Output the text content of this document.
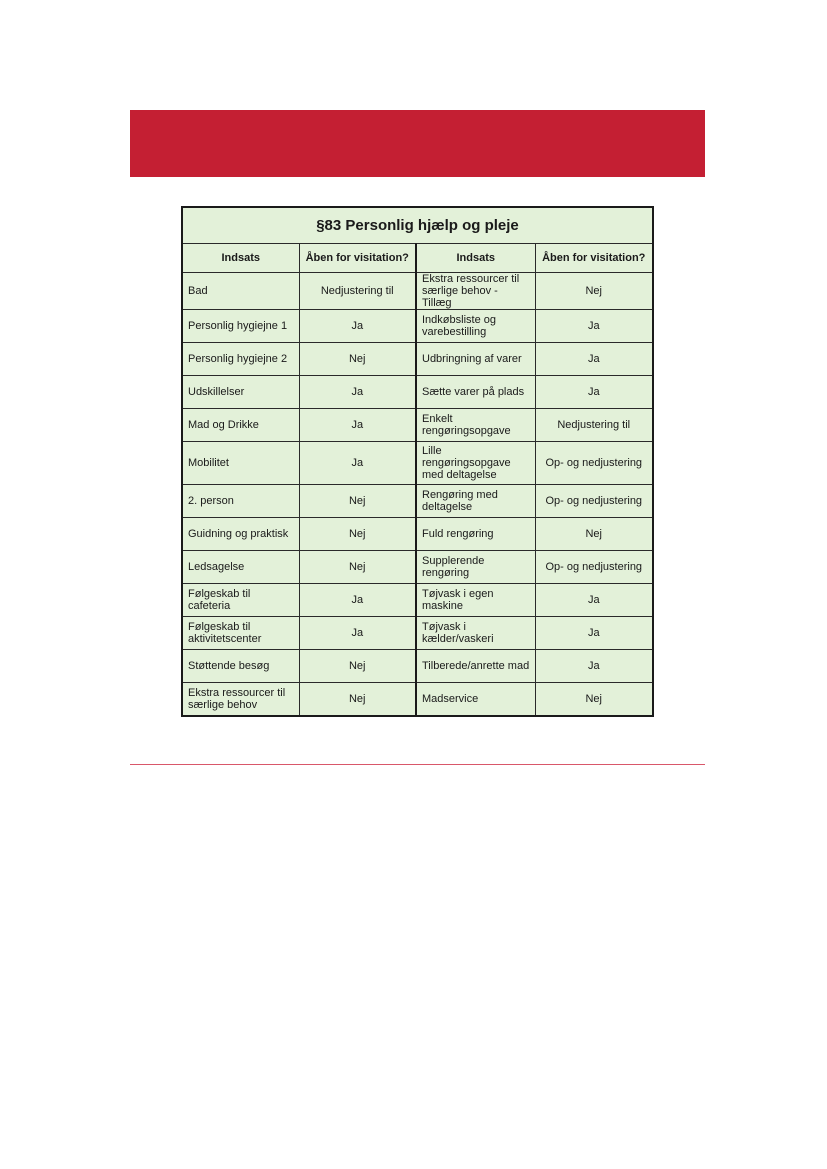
§83 Personlig hjælp og pleje			
Indsats	Åben for visitation?	Indsats	Åben for visitation?
Bad	Nedjustering til	Ekstra ressourcer til særlige behov - Tillæg	Nej
Personlig hygiejne 1	Ja	Indkøbsliste og varebestilling	Ja
Personlig hygiejne 2	Nej	Udbringning af varer	Ja
Udskillelser	Ja	Sætte varer på plads	Ja
Mad og Drikke	Ja	Enkelt rengøringsopgave	Nedjustering til
Mobilitet	Ja	Lille rengøringsopgave med deltagelse	Op- og nedjustering
2. person	Nej	Rengøring med deltagelse	Op- og nedjustering
Guidning og praktisk	Nej	Fuld rengøring	Nej
Ledsagelse	Nej	Supplerende rengøring	Op- og nedjustering
Følgeskab til cafeteria	Ja	Tøjvask i egen maskine	Ja
Følgeskab til aktivitetscenter	Ja	Tøjvask i kælder/vaskeri	Ja
Støttende besøg	Nej	Tilberede/anrette mad	Ja
Ekstra ressourcer til særlige behov	Nej	Madservice	Nej
